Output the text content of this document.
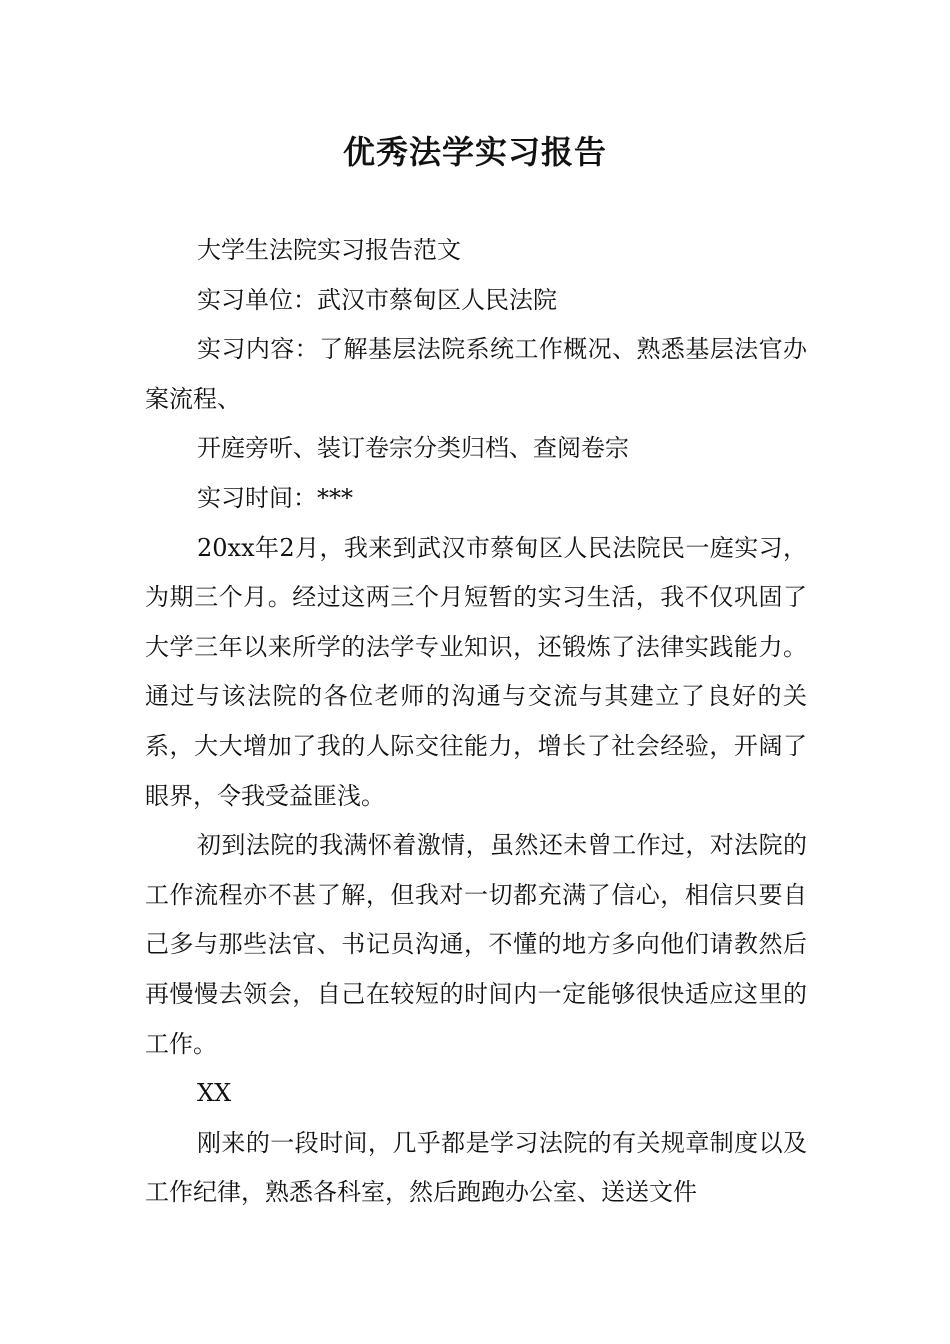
优秀法学实习报告

大学生法院实习报告范文

实习单位：武汉市蔡甸区人民法院

实习内容：了解基层法院系统工作概况、熟悉基层法官办案流程、

开庭旁听、装订卷宗分类归档、查阅卷宗

实习时间：***

20xx年2月，我来到武汉市蔡甸区人民法院民一庭实习，为期三个月。经过这两三个月短暂的实习生活，我不仅巩固了大学三年以来所学的法学专业知识，还锻炼了法律实践能力。通过与该法院的各位老师的沟通与交流与其建立了良好的关系，大大增加了我的人际交往能力，增长了社会经验，开阔了眼界，令我受益匪浅。

初到法院的我满怀着激情，虽然还未曾工作过，对法院的工作流程亦不甚了解，但我对一切都充满了信心，相信只要自己多与那些法官、书记员沟通，不懂的地方多向他们请教然后再慢慢去领会，自己在较短的时间内一定能够很快适应这里的工作。

XX

刚来的一段时间，几乎都是学习法院的有关规章制度以及工作纪律，熟悉各科室，然后跑跑办公室、送送文件
